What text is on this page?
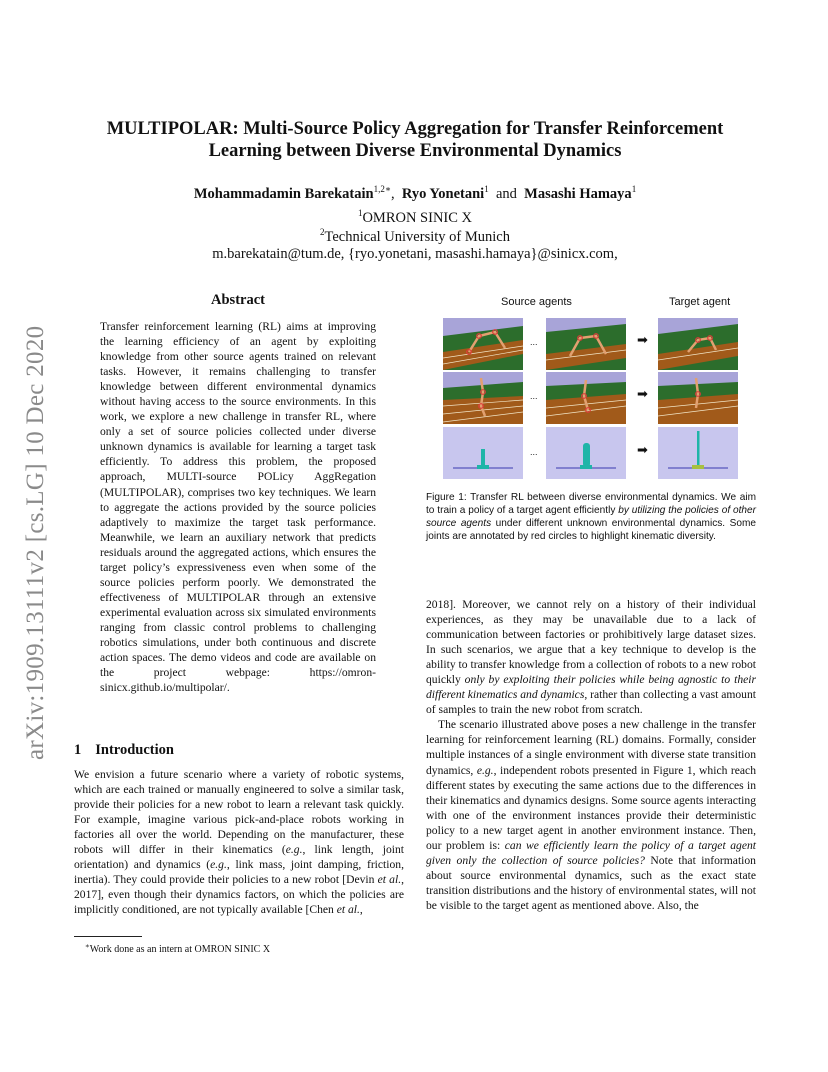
arXiv:1909.13111v2 [cs.LG] 10 Dec 2020
MULTIPOLAR: Multi-Source Policy Aggregation for Transfer Reinforcement
Learning between Diverse Environmental Dynamics
Mohammadamin Barekatain$^{1,2∗}$,  Ryo Yonetani$^1$ and Masashi Hamaya$^1$
$^1$OMRON SINIC X
$^2$Technical University of Munich
m.barekatain@tum.de, {ryo.yonetani, masashi.hamaya}@sinicx.com,
Abstract
Transfer reinforcement learning (RL) aims at improving the learning efficiency of an agent by exploiting knowledge from other source agents trained on relevant tasks. However, it remains challenging to transfer knowledge between different environmental dynamics without having access to the source environments. In this work, we explore a new challenge in transfer RL, where only a set of source policies collected under diverse unknown dynamics is available for learning a target task efficiently. To address this problem, the proposed approach, MULTI-source POLicy AggRegation (MULTIPOLAR), comprises two key techniques. We learn to aggregate the actions provided by the source policies adaptively to maximize the target task performance. Meanwhile, we learn an auxiliary network that predicts residuals around the aggregated actions, which ensures the target policy’s expressiveness even when some of the source policies perform poorly. We demonstrated the effectiveness of MULTIPOLAR through an extensive experimental evaluation across six simulated environments ranging from classic control problems to challenging robotics simulations, under both continuous and discrete action spaces. The demo videos and code are available on the project webpage: https://omron-sinicx.github.io/multipolar/.
1 Introduction
We envision a future scenario where a variety of robotic systems, which are each trained or manually engineered to solve a similar task, provide their policies for a new robot to learn a relevant task quickly. For example, imagine various pick-and-place robots working in factories all over the world. Depending on the manufacturer, these robots will differ in their kinematics (e.g., link length, joint orientation) and dynamics (e.g., link mass, joint damping, friction, inertia). They could provide their policies to a new robot [Devin et al., 2017], even though their dynamics factors, on which the policies are implicitly conditioned, are not typically available [Chen et al.,
∗Work done as an intern at OMRON SINIC X
Source agents	Target agent
...	➡
...	➡
...	➡
Figure 1: Transfer RL between diverse environmental dynamics. We aim to train a policy of a target agent efficiently by utilizing the policies of other source agents under different unknown environmental dynamics. Some joints are annotated by red circles to highlight kinematic diversity.

2018]. Moreover, we cannot rely on a history of their individual experiences, as they may be unavailable due to a lack of communication between factories or prohibitively large dataset sizes. In such scenarios, we argue that a key technique to develop is the ability to transfer knowledge from a collection of robots to a new robot quickly only by exploiting their policies while being agnostic to their different kinematics and dynamics, rather than collecting a vast amount of samples to train the new robot from scratch.

The scenario illustrated above poses a new challenge in the transfer learning for reinforcement learning (RL) domains. Formally, consider multiple instances of a single environment with diverse state transition dynamics, e.g., independent robots presented in Figure 1, which reach different states by executing the same actions due to the differences in their kinematics and dynamics designs. Some source agents interacting with one of the environment instances provide their deterministic policy to a new target agent in another environment instance. Then, our problem is: can we efficiently learn the policy of a target agent given only the collection of source policies? Note that information about source environmental dynamics, such as the exact state transition distributions and the history of environmental states, will not be visible to the target agent as mentioned above. Also, the
